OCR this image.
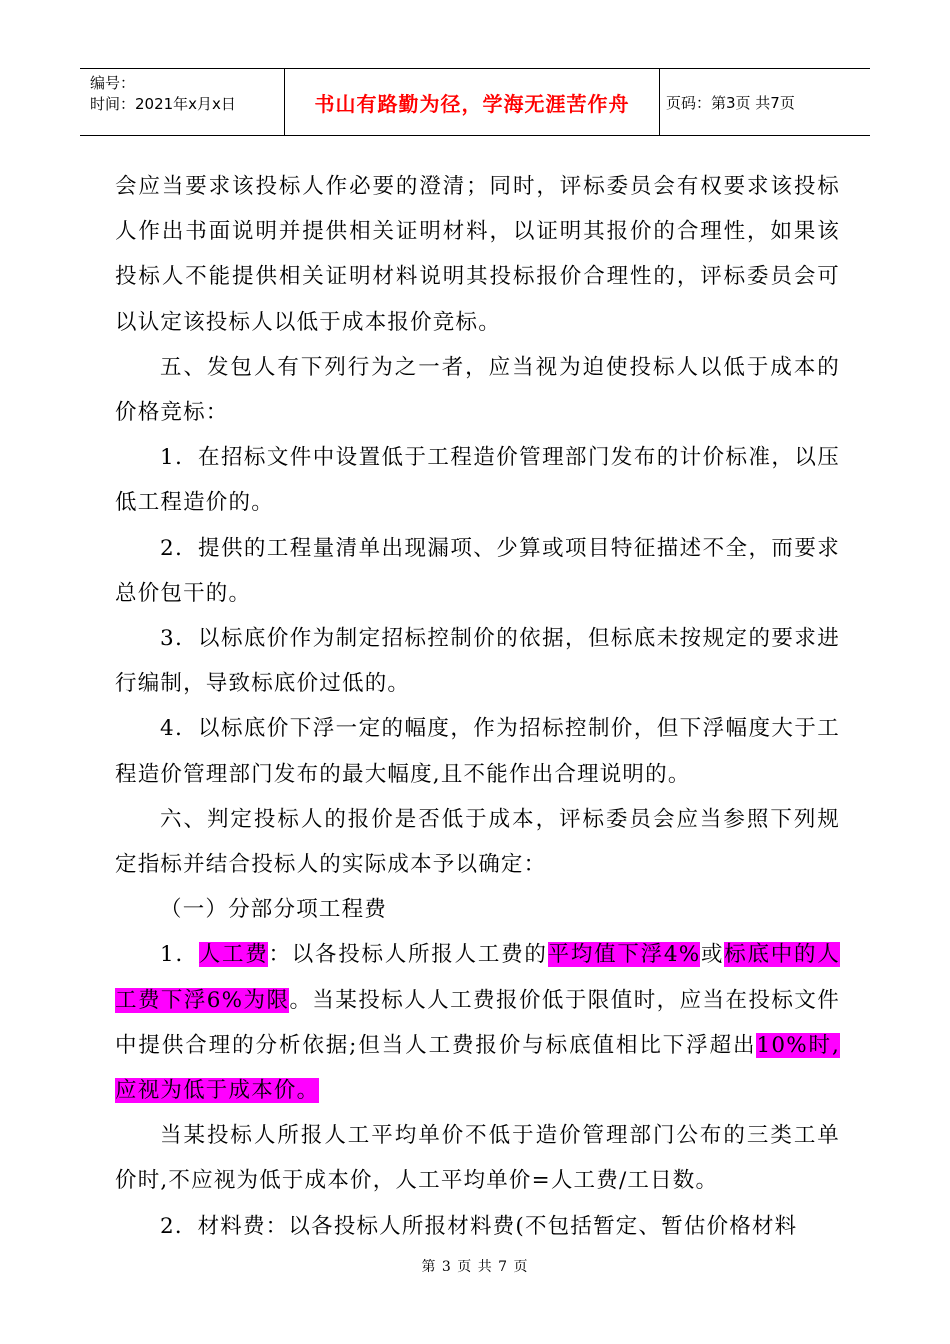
编号：
时间：2021年x月x日	书山有路勤为径，学海无涯苦作舟 页码：第3页 共7页

会应当要求该投标人作必要的澄清；同时，评标委员会有权要求该投标人作出书面说明并提供相关证明材料，以证明其报价的合理性，如果该投标人不能提供相关证明材料说明其投标报价合理性的，评标委员会可以认定该投标人以低于成本报价竞标。

五、发包人有下列行为之一者，应当视为迫使投标人以低于成本的价格竞标：

1．在招标文件中设置低于工程造价管理部门发布的计价标准，以压低工程造价的。

2．提供的工程量清单出现漏项、少算或项目特征描述不全，而要求总价包干的。

3．以标底价作为制定招标控制价的依据，但标底未按规定的要求进行编制，导致标底价过低的。

4．以标底价下浮一定的幅度，作为招标控制价，但下浮幅度大于工程造价管理部门发布的最大幅度,且不能作出合理说明的。

六、判定投标人的报价是否低于成本，评标委员会应当参照下列规定指标并结合投标人的实际成本予以确定：

（一）分部分项工程费

1．人工费：以各投标人所报人工费的平均值下浮4%或标底中的人工费下浮6%为限。当某投标人人工费报价低于限值时，应当在投标文件中提供合理的分析依据;但当人工费报价与标底值相比下浮超出10%时,应视为低于成本价。

当某投标人所报人工平均单价不低于造价管理部门公布的三类工单价时,不应视为低于成本价，人工平均单价=人工费/工日数。

2．材料费：以各投标人所报材料费(不包括暂定、暂估价格材料

第 3 页 共 7 页
